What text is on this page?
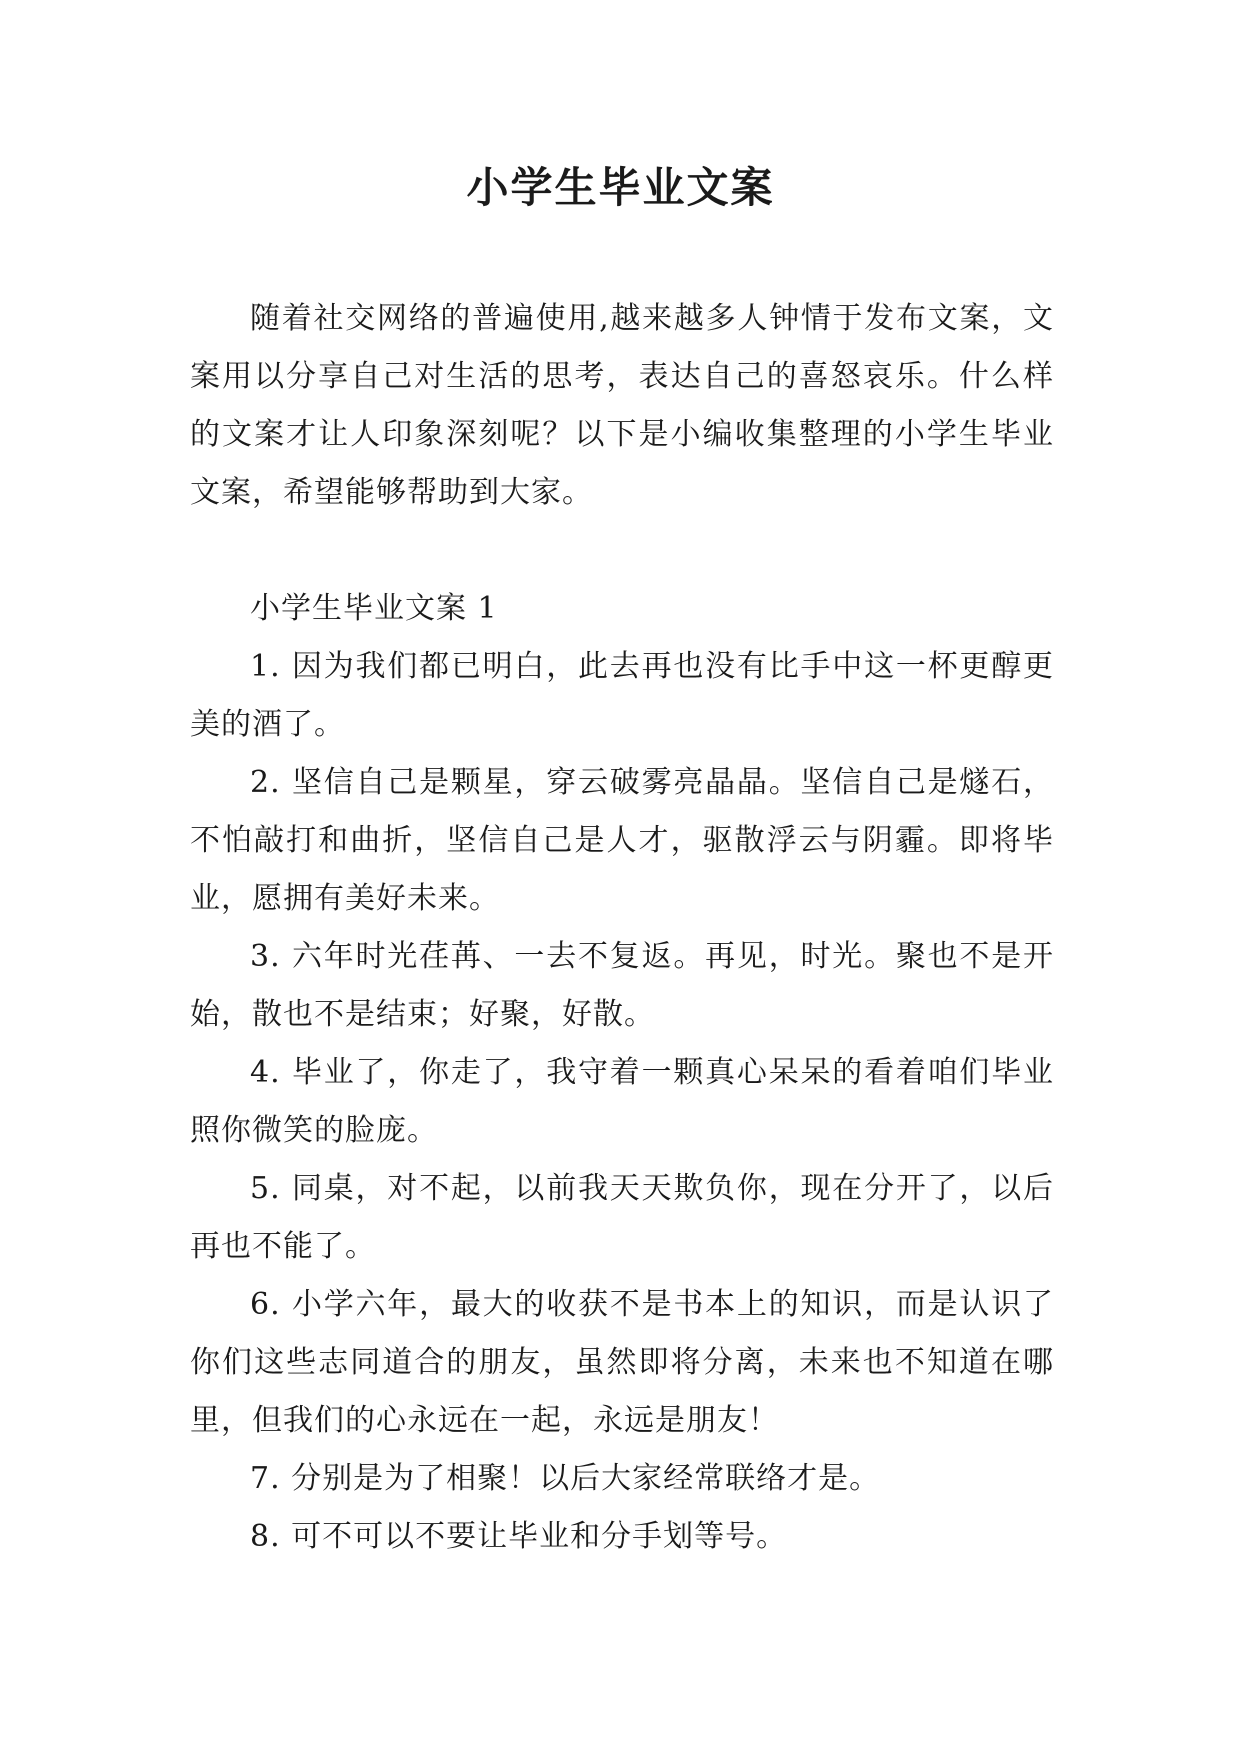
小学生毕业文案

随着社交网络的普遍使用,越来越多人钟情于发布文案，文案用以分享自己对生活的思考，表达自己的喜怒哀乐。什么样的文案才让人印象深刻呢？以下是小编收集整理的小学生毕业文案，希望能够帮助到大家。

小学生毕业文案 1

1. 因为我们都已明白，此去再也没有比手中这一杯更醇更美的酒了。

2. 坚信自己是颗星，穿云破雾亮晶晶。坚信自己是燧石，不怕敲打和曲折，坚信自己是人才，驱散浮云与阴霾。即将毕业，愿拥有美好未来。

3. 六年时光荏苒、一去不复返。再见，时光。聚也不是开始，散也不是结束；好聚，好散。

4. 毕业了，你走了，我守着一颗真心呆呆的看着咱们毕业照你微笑的脸庞。

5. 同桌，对不起，以前我天天欺负你，现在分开了，以后再也不能了。

6. 小学六年，最大的收获不是书本上的知识，而是认识了你们这些志同道合的朋友，虽然即将分离，未来也不知道在哪里，但我们的心永远在一起，永远是朋友！

7. 分别是为了相聚！以后大家经常联络才是。

8. 可不可以不要让毕业和分手划等号。
